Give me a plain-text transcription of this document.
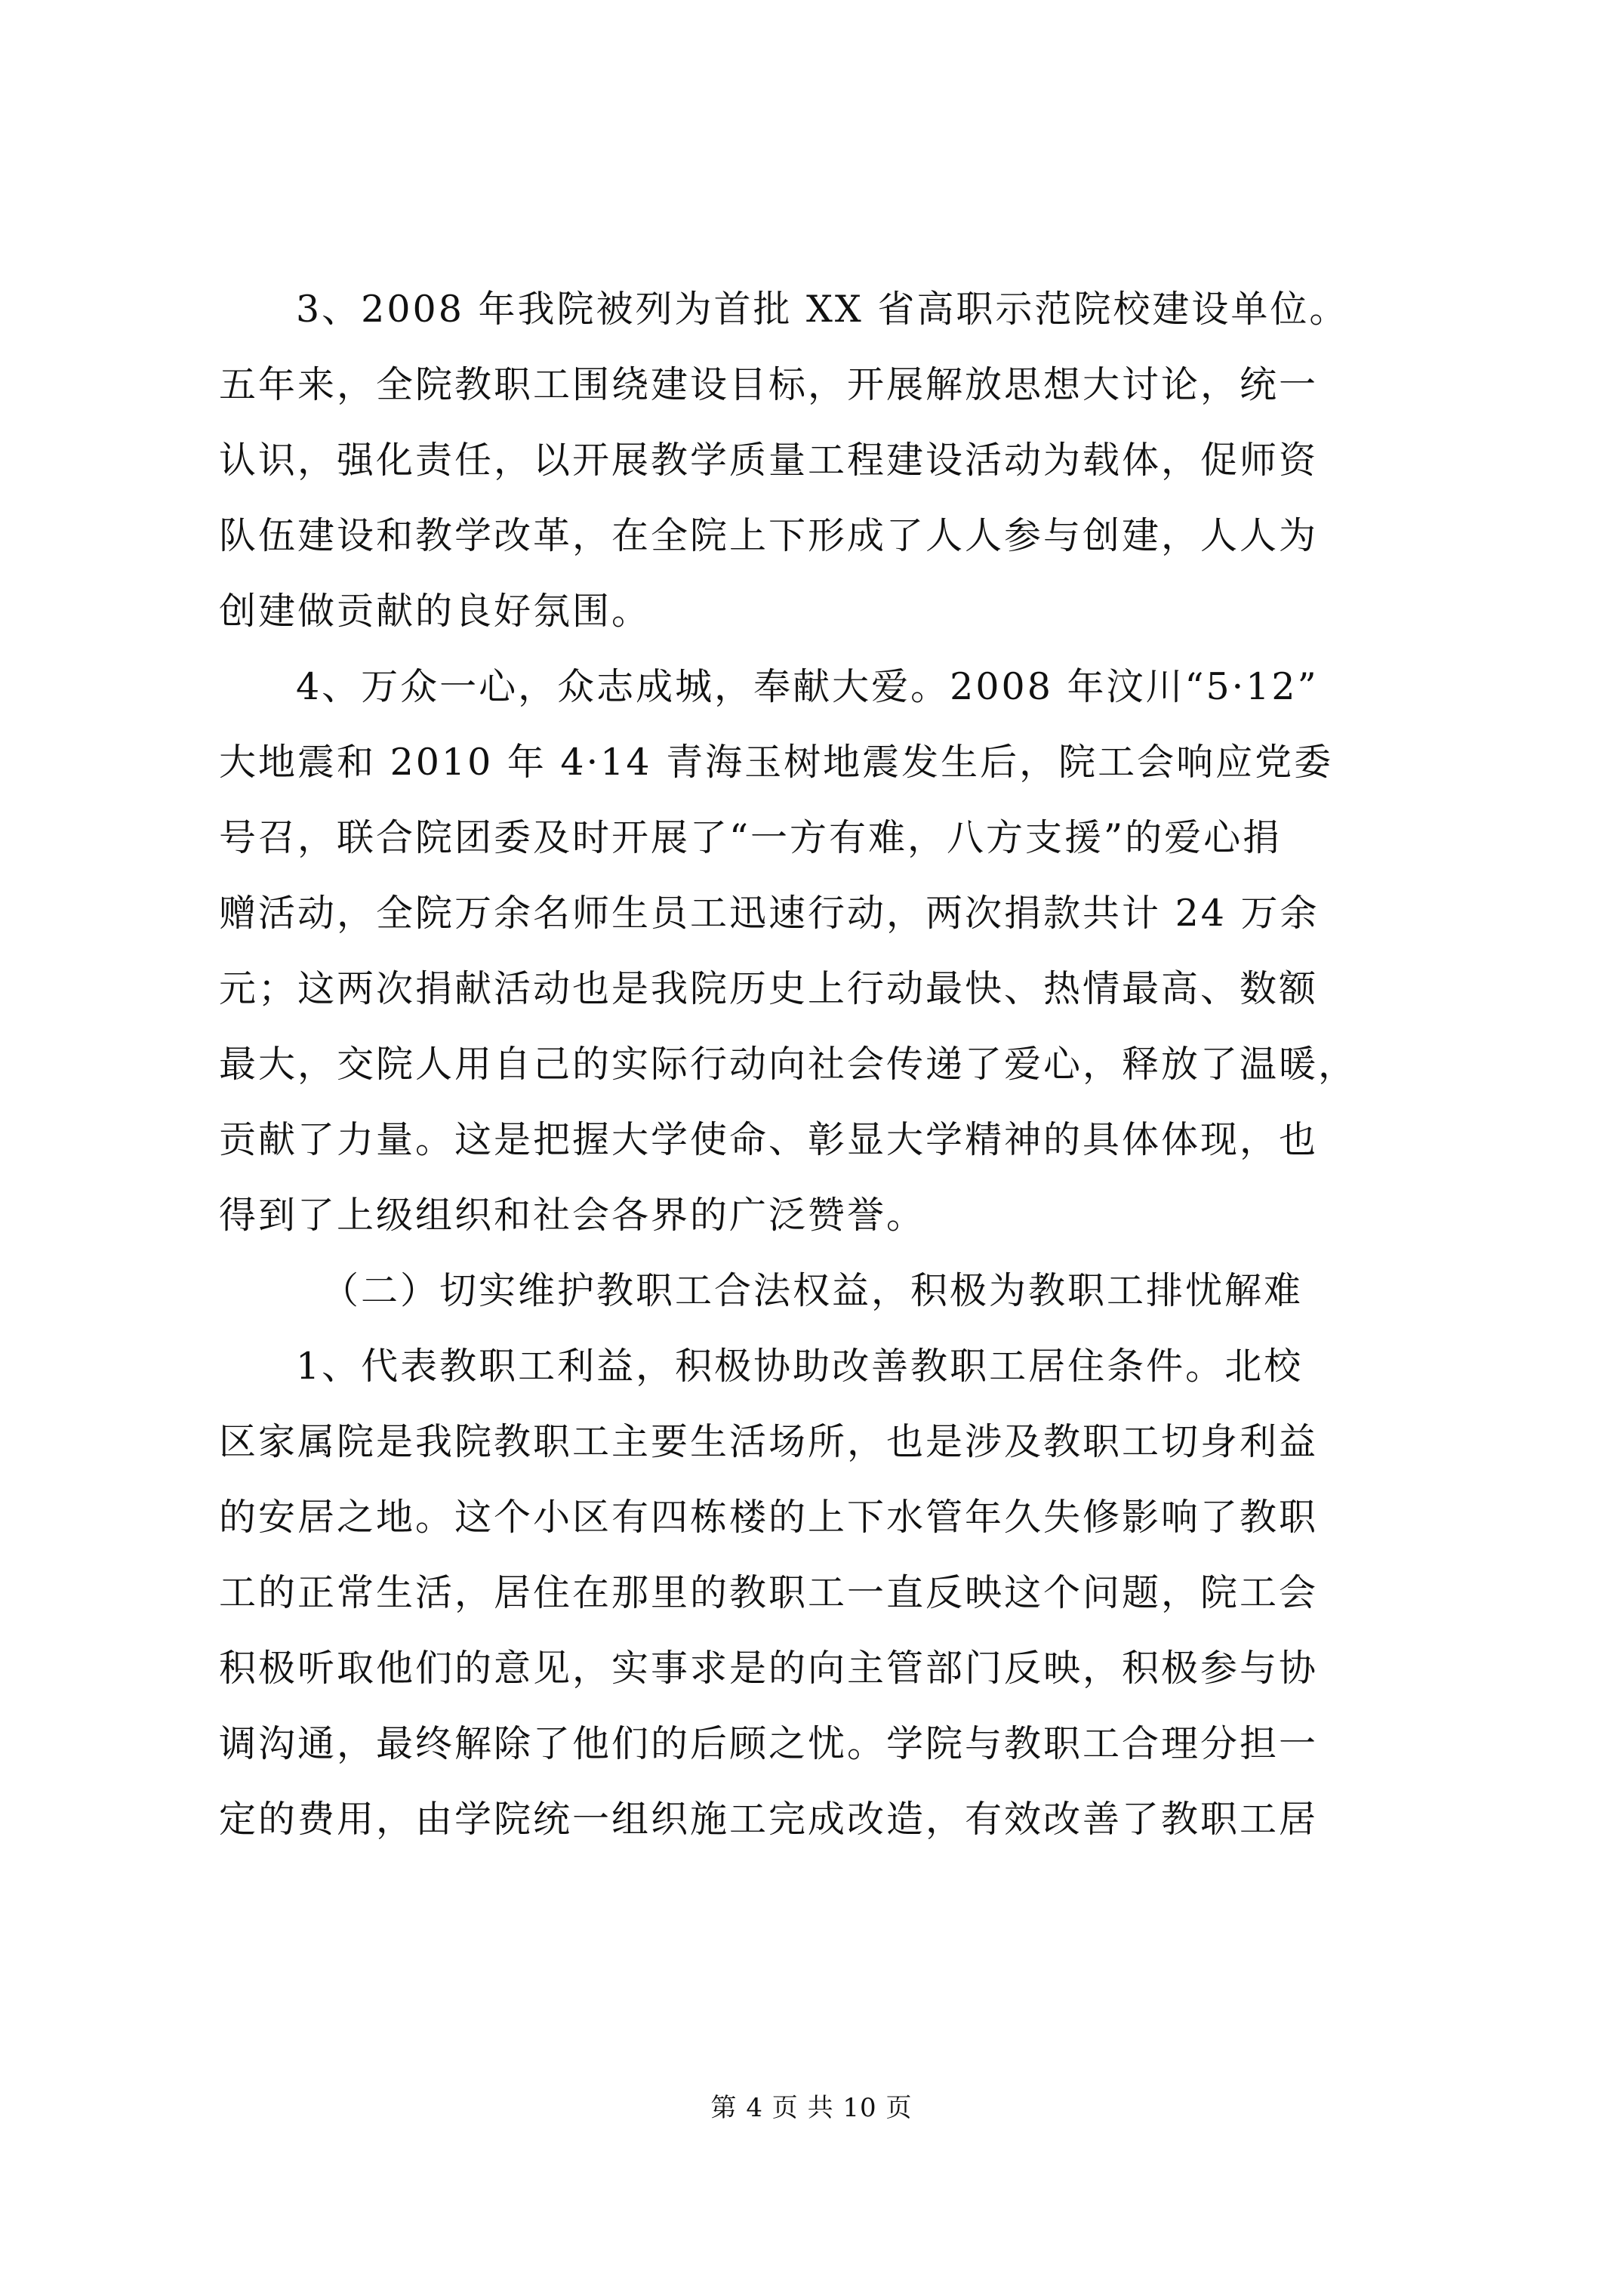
3、2008 年我院被列为首批 XX 省高职示范院校建设单位。
五年来，全院教职工围绕建设目标，开展解放思想大讨论，统一
认识，强化责任，以开展教学质量工程建设活动为载体，促师资
队伍建设和教学改革，在全院上下形成了人人参与创建，人人为
创建做贡献的良好氛围。
4、万众一心，众志成城，奉献大爱。2008 年汶川“5·12”
大地震和 2010 年 4·14 青海玉树地震发生后，院工会响应党委
号召，联合院团委及时开展了“一方有难，八方支援”的爱心捐
赠活动，全院万余名师生员工迅速行动，两次捐款共计 24 万余
元；这两次捐献活动也是我院历史上行动最快、热情最高、数额
最大，交院人用自己的实际行动向社会传递了爱心，释放了温暖，
贡献了力量。这是把握大学使命、彰显大学精神的具体体现，也
得到了上级组织和社会各界的广泛赞誉。
（二）切实维护教职工合法权益，积极为教职工排忧解难
1、代表教职工利益，积极协助改善教职工居住条件。北校
区家属院是我院教职工主要生活场所，也是涉及教职工切身利益
的安居之地。这个小区有四栋楼的上下水管年久失修影响了教职
工的正常生活，居住在那里的教职工一直反映这个问题，院工会
积极听取他们的意见，实事求是的向主管部门反映，积极参与协
调沟通，最终解除了他们的后顾之忧。学院与教职工合理分担一
定的费用，由学院统一组织施工完成改造，有效改善了教职工居
第 4 页 共 10 页
